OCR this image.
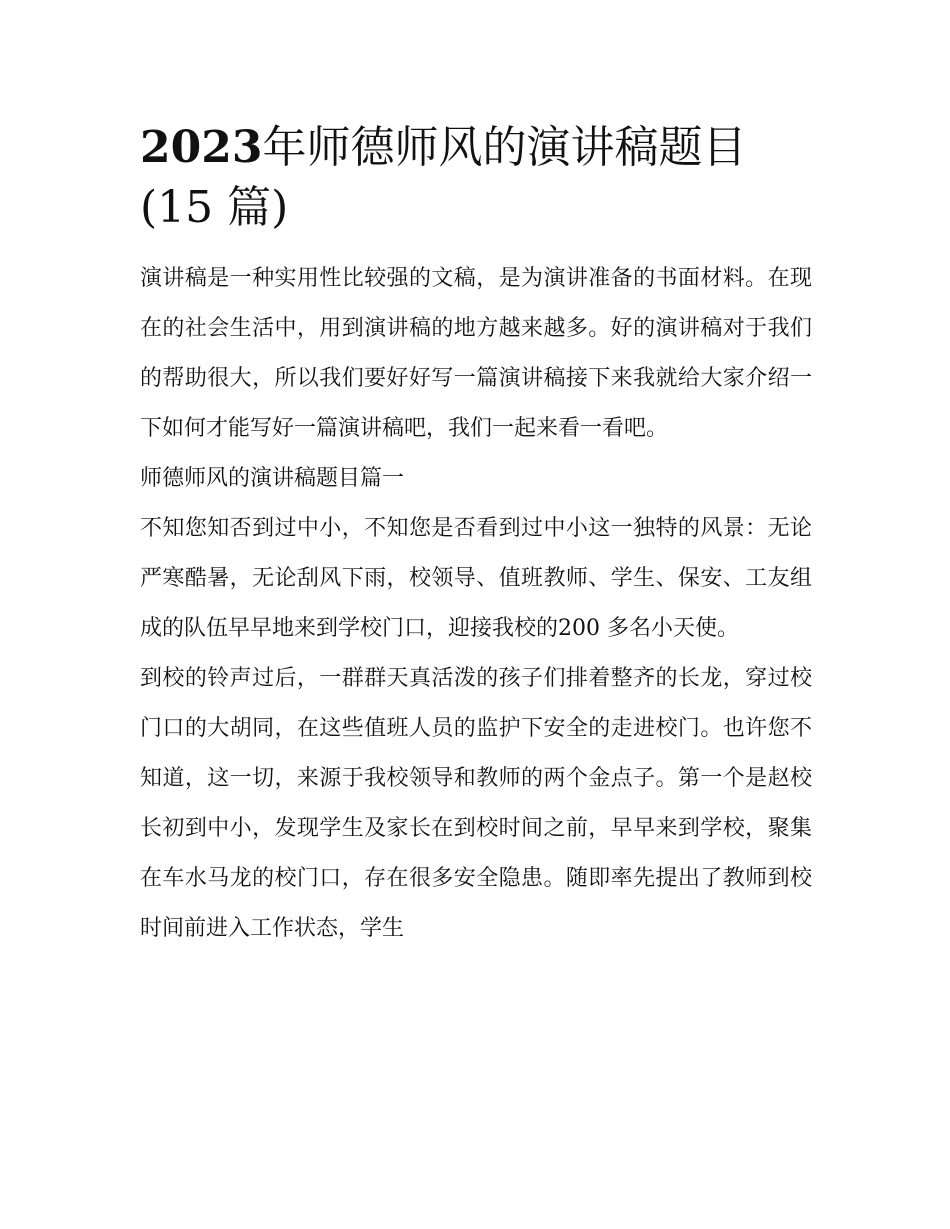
2023年师德师风的演讲稿题目(15 篇)

演讲稿是一种实用性比较强的文稿，是为演讲准备的书面材料。在现在的社会生活中，用到演讲稿的地方越来越多。好的演讲稿对于我们的帮助很大，所以我们要好好写一篇演讲稿接下来我就给大家介绍一下如何才能写好一篇演讲稿吧，我们一起来看一看吧。

师德师风的演讲稿题目篇一

不知您知否到过中小，不知您是否看到过中小这一独特的风景：无论严寒酷暑，无论刮风下雨，校领导、值班教师、学生、保安、工友组成的队伍早早地来到学校门口，迎接我校的200 多名小天使。

到校的铃声过后，一群群天真活泼的孩子们排着整齐的长龙，穿过校门口的大胡同，在这些值班人员的监护下安全的走进校门。也许您不知道，这一切，来源于我校领导和教师的两个金点子。第一个是赵校长初到中小，发现学生及家长在到校时间之前，早早来到学校，聚集在车水马龙的校门口，存在很多安全隐患。随即率先提出了教师到校时间前进入工作状态，学生
